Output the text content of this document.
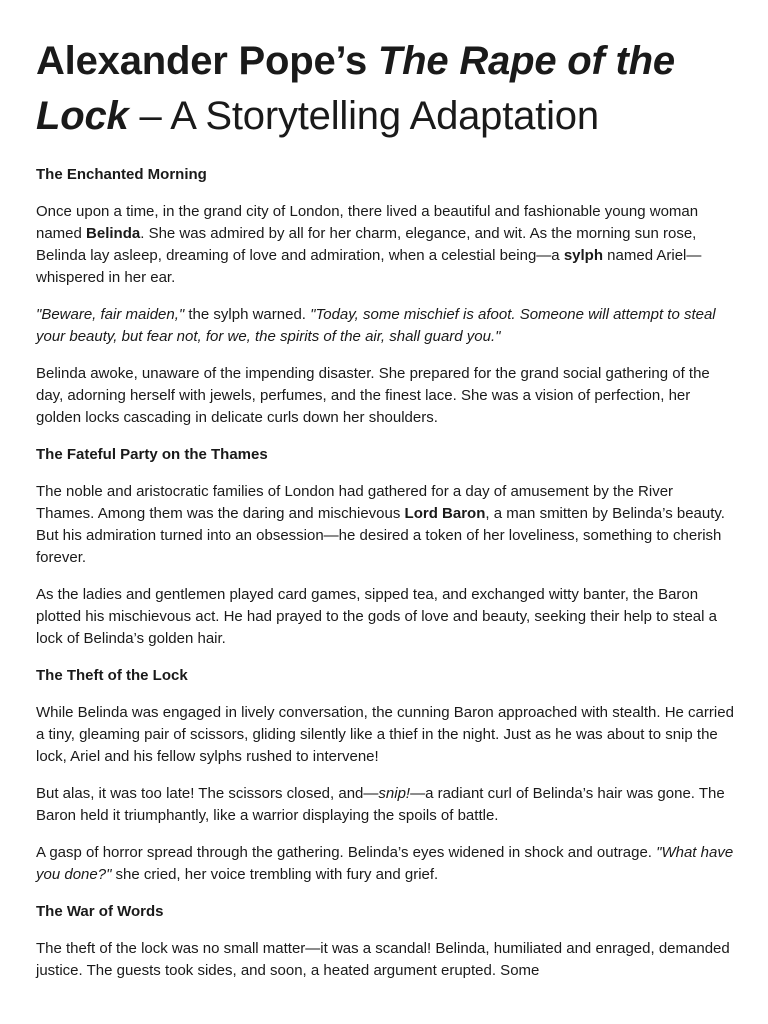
Alexander Pope’s The Rape of the Lock – A Storytelling Adaptation
The Enchanted Morning

Once upon a time, in the grand city of London, there lived a beautiful and fashionable young woman named Belinda. She was admired by all for her charm, elegance, and wit. As the morning sun rose, Belinda lay asleep, dreaming of love and admiration, when a celestial being—a sylph named Ariel—whispered in her ear.

"Beware, fair maiden," the sylph warned. "Today, some mischief is afoot. Someone will attempt to steal your beauty, but fear not, for we, the spirits of the air, shall guard you."

Belinda awoke, unaware of the impending disaster. She prepared for the grand social gathering of the day, adorning herself with jewels, perfumes, and the finest lace. She was a vision of perfection, her golden locks cascading in delicate curls down her shoulders.

The Fateful Party on the Thames

The noble and aristocratic families of London had gathered for a day of amusement by the River Thames. Among them was the daring and mischievous Lord Baron, a man smitten by Belinda’s beauty. But his admiration turned into an obsession—he desired a token of her loveliness, something to cherish forever.

As the ladies and gentlemen played card games, sipped tea, and exchanged witty banter, the Baron plotted his mischievous act. He had prayed to the gods of love and beauty, seeking their help to steal a lock of Belinda’s golden hair.

The Theft of the Lock

While Belinda was engaged in lively conversation, the cunning Baron approached with stealth. He carried a tiny, gleaming pair of scissors, gliding silently like a thief in the night. Just as he was about to snip the lock, Ariel and his fellow sylphs rushed to intervene!

But alas, it was too late! The scissors closed, and—snip!—a radiant curl of Belinda’s hair was gone. The Baron held it triumphantly, like a warrior displaying the spoils of battle.

A gasp of horror spread through the gathering. Belinda’s eyes widened in shock and outrage. "What have you done?" she cried, her voice trembling with fury and grief.

The War of Words

The theft of the lock was no small matter—it was a scandal! Belinda, humiliated and enraged, demanded justice. The guests took sides, and soon, a heated argument erupted. Some
